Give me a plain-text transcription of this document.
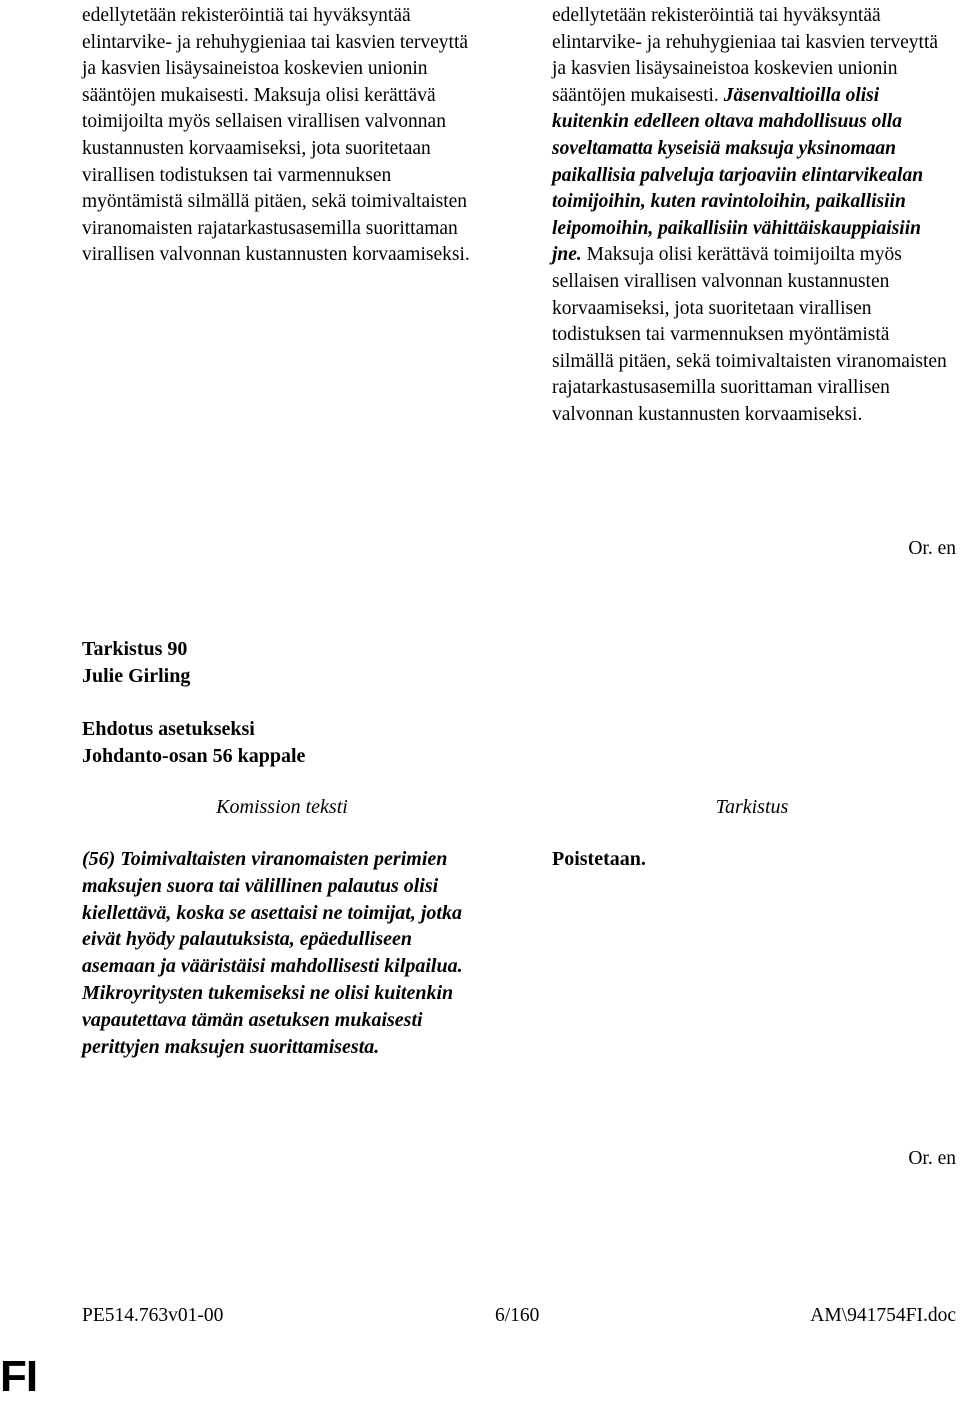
edellytetään rekisteröintiä tai hyväksyntää elintarvike- ja rehuhygieniaa tai kasvien terveyttä ja kasvien lisäysaineistoa koskevien unionin sääntöjen mukaisesti. Maksuja olisi kerättävä toimijoilta myös sellaisen virallisen valvonnan kustannusten korvaamiseksi, jota suoritetaan virallisen todistuksen tai varmennuksen myöntämistä silmällä pitäen, sekä toimivaltaisten viranomaisten rajatarkastusasemilla suorittaman virallisen valvonnan kustannusten korvaamiseksi.

edellytetään rekisteröintiä tai hyväksyntää elintarvike- ja rehuhygieniaa tai kasvien terveyttä ja kasvien lisäysaineistoa koskevien unionin sääntöjen mukaisesti. Jäsenvaltioilla olisi kuitenkin edelleen oltava mahdollisuus olla soveltamatta kyseisiä maksuja yksinomaan paikallisia palveluja tarjoaviin elintarvikealan toimijoihin, kuten ravintoloihin, paikallisiin leipomoihin, paikallisiin vähittäiskauppiaisiin jne. Maksuja olisi kerättävä toimijoilta myös sellaisen virallisen valvonnan kustannusten korvaamiseksi, jota suoritetaan virallisen todistuksen tai varmennuksen myöntämistä silmällä pitäen, sekä toimivaltaisten viranomaisten rajatarkastusasemilla suorittaman virallisen valvonnan kustannusten korvaamiseksi.

Or. en
Tarkistus 90
Julie Girling
Ehdotus asetukseksi
Johdanto-osan 56 kappale
Komission teksti	Tarkistus
(56) Toimivaltaisten viranomaisten perimien maksujen suora tai välillinen palautus olisi kiellettävä, koska se asettaisi ne toimijat, jotka eivät hyödy palautuksista, epäedulliseen asemaan ja vääristäisi mahdollisesti kilpailua. Mikroyritysten tukemiseksi ne olisi kuitenkin vapautettava tämän asetuksen mukaisesti perittyjen maksujen suorittamisesta.
Poistetaan.
Or. en
PE514.763v01-00	6/160	AM\941754FI.doc
FI
